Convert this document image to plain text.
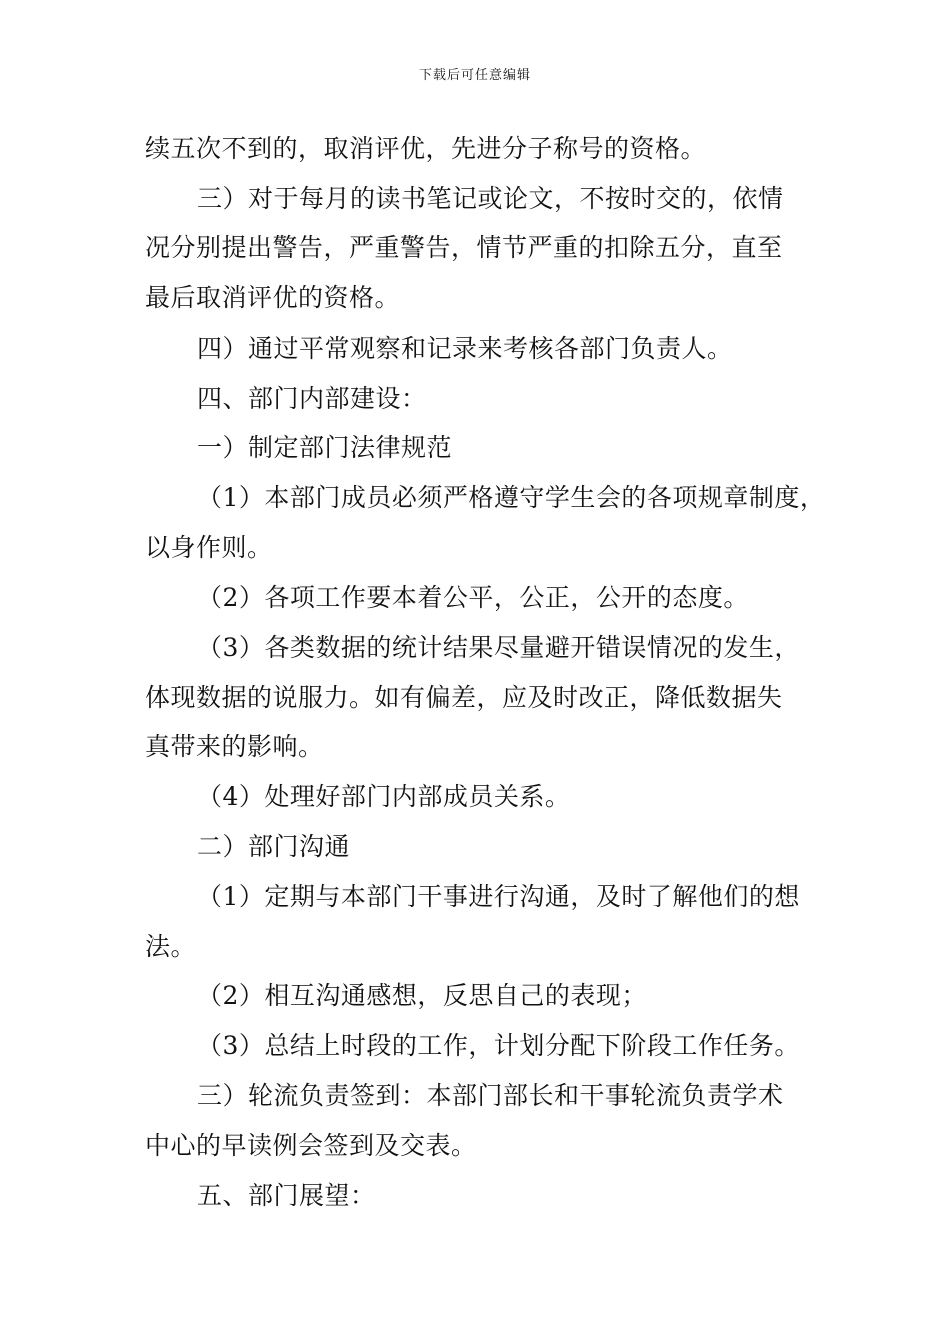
下载后可任意编辑
续五次不到的，取消评优，先进分子称号的资格。
三）对于每月的读书笔记或论文，不按时交的，依情
况分别提出警告，严重警告，情节严重的扣除五分，直至
最后取消评优的资格。
四）通过平常观察和记录来考核各部门负责人。
四、部门内部建设：
一）制定部门法律规范
（1）本部门成员必须严格遵守学生会的各项规章制度，
以身作则。
（2）各项工作要本着公平，公正，公开的态度。
（3）各类数据的统计结果尽量避开错误情况的发生，
体现数据的说服力。如有偏差，应及时改正，降低数据失
真带来的影响。
（4）处理好部门内部成员关系。
二）部门沟通
（1）定期与本部门干事进行沟通，及时了解他们的想
法。
（2）相互沟通感想，反思自己的表现；
（3）总结上时段的工作，计划分配下阶段工作任务。
三）轮流负责签到：本部门部长和干事轮流负责学术
中心的早读例会签到及交表。
五、部门展望：
